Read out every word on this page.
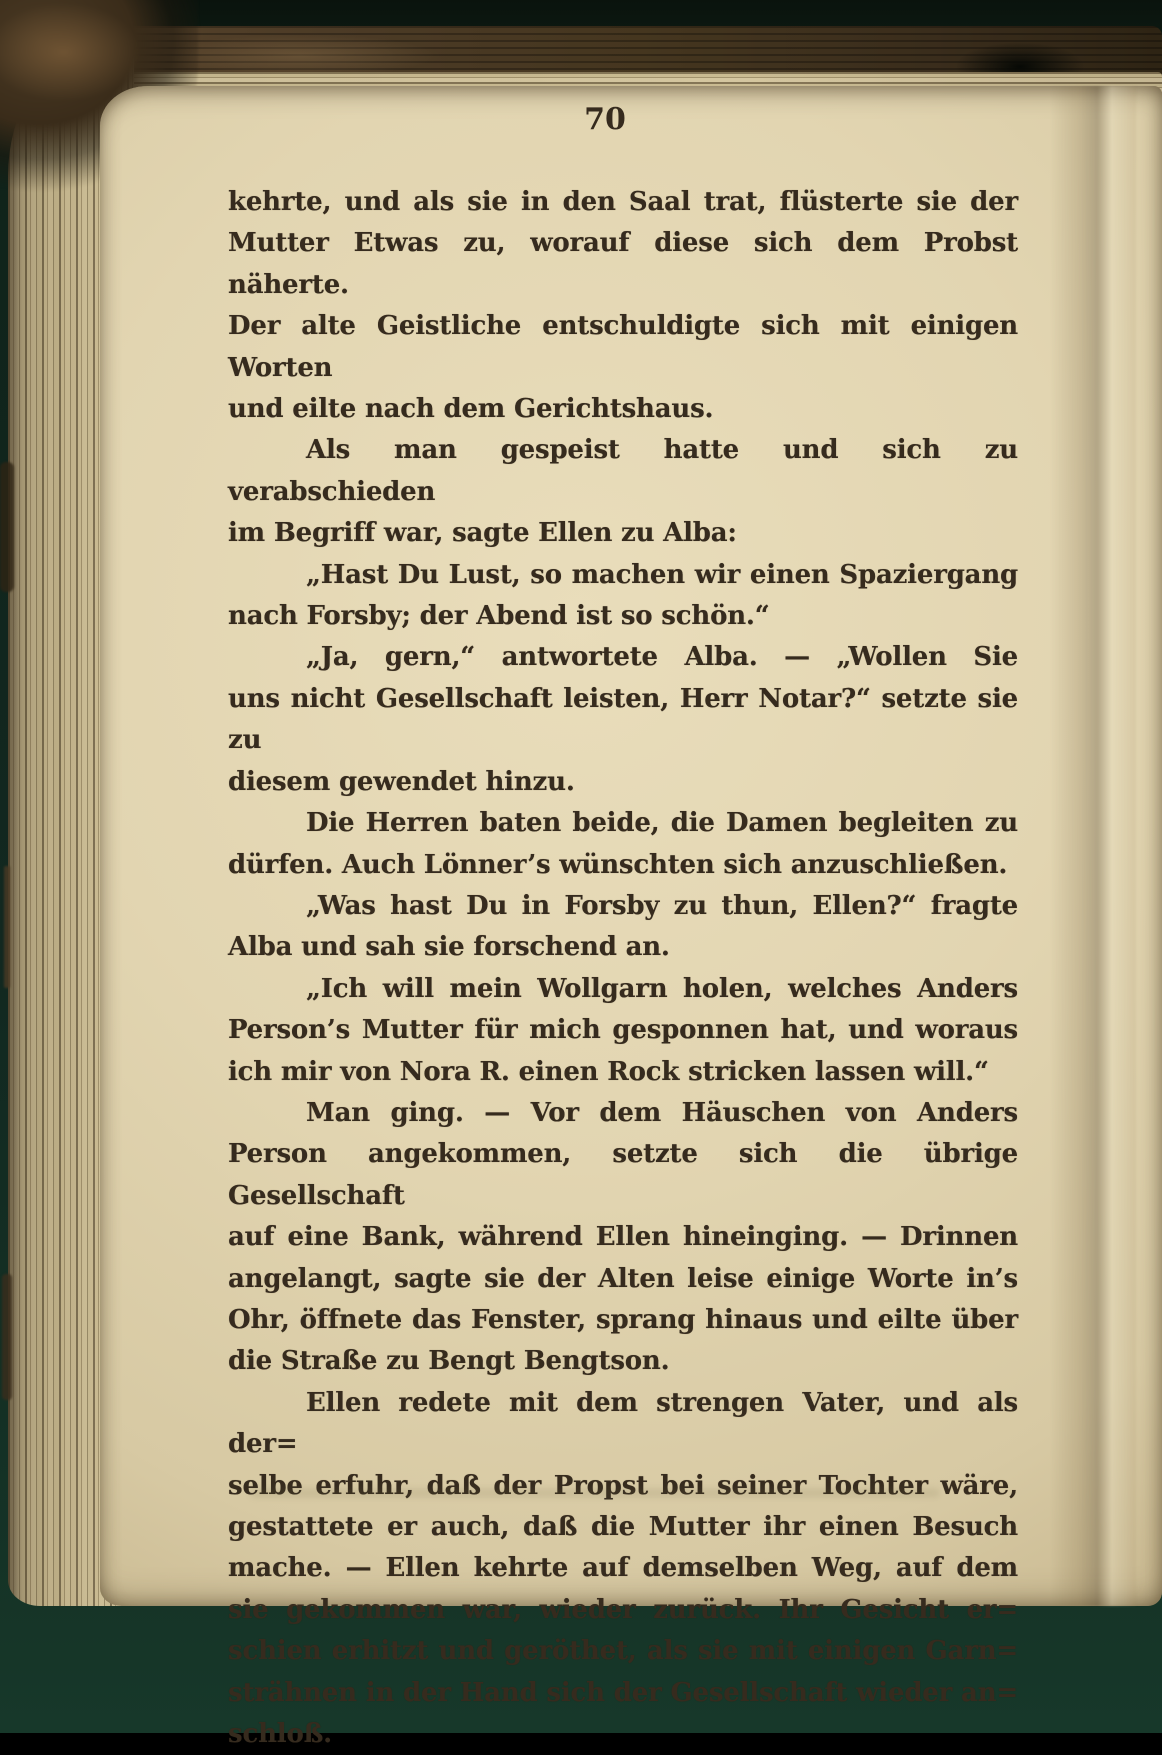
70
kehrte, und als sie in den Saal trat, flüsterte sie der
Mutter Etwas zu, worauf diese sich dem Probst näherte.
Der alte Geistliche entschuldigte sich mit einigen Worten
und eilte nach dem Gerichtshaus.
Als man gespeist hatte und sich zu verabschieden
im Begriff war, sagte Ellen zu Alba:
„Hast Du Lust, so machen wir einen Spaziergang
nach Forsby; der Abend ist so schön.“
„Ja, gern,“ antwortete Alba. — „Wollen Sie
uns nicht Gesellschaft leisten, Herr Notar?“ setzte sie zu
diesem gewendet hinzu.
Die Herren baten beide, die Damen begleiten zu
dürfen. Auch Lönner’s wünschten sich anzuschließen.
„Was hast Du in Forsby zu thun, Ellen?“ fragte
Alba und sah sie forschend an.
„Ich will mein Wollgarn holen, welches Anders
Person’s Mutter für mich gesponnen hat, und woraus
ich mir von Nora R. einen Rock stricken lassen will.“
Man ging. — Vor dem Häuschen von Anders
Person angekommen, setzte sich die übrige Gesellschaft
auf eine Bank, während Ellen hineinging. — Drinnen
angelangt, sagte sie der Alten leise einige Worte in’s
Ohr, öffnete das Fenster, sprang hinaus und eilte über
die Straße zu Bengt Bengtson.
Ellen redete mit dem strengen Vater, und als der=
selbe erfuhr, daß der Propst bei seiner Tochter wäre,
gestattete er auch, daß die Mutter ihr einen Besuch
mache. — Ellen kehrte auf demselben Weg, auf dem
sie gekommen war, wieder zurück. Ihr Gesicht er=
schien erhitzt und geröthet, als sie mit einigen Garn=
strähnen in der Hand sich der Gesellschaft wieder an=
schloß.
